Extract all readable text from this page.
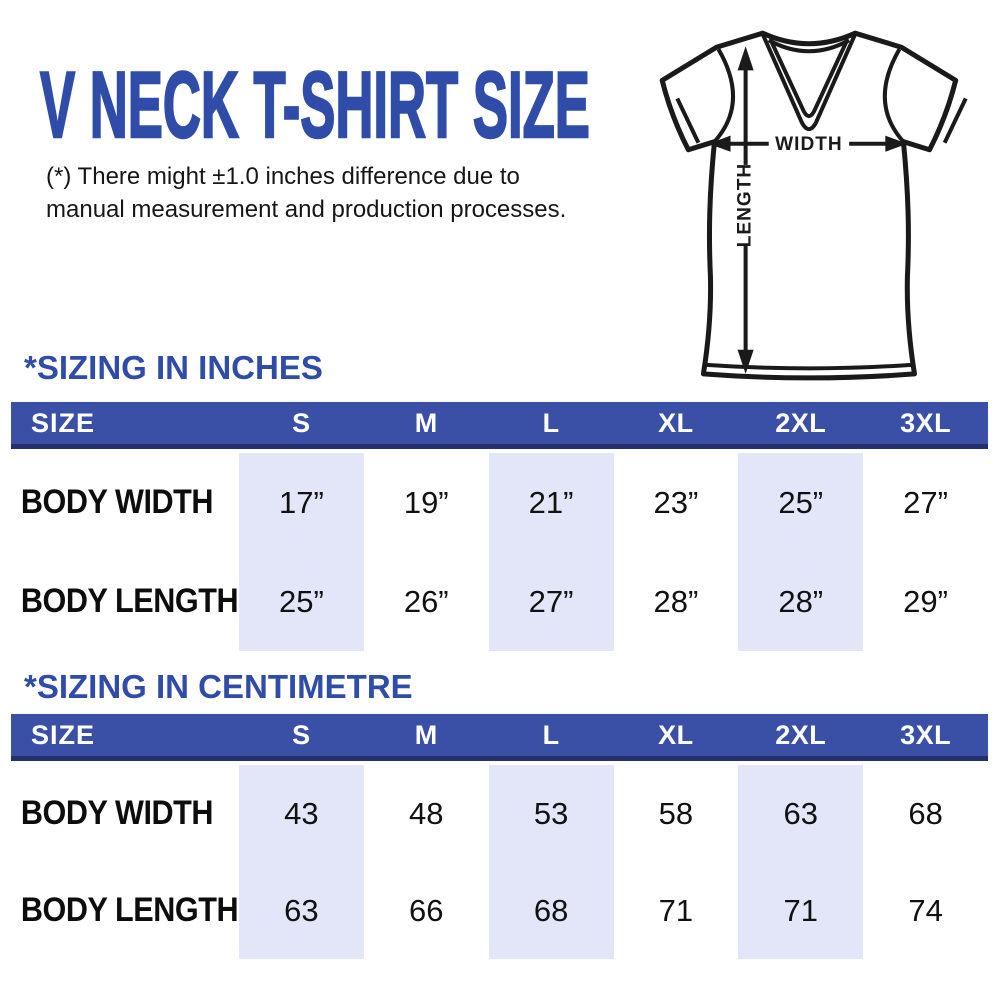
V NECK T-SHIRT SIZE
(*) There might ±1.0 inches difference due to
manual measurement and production processes.	LENGTH
WIDTH
*SIZING IN INCHES
SIZE	S	M	L	XL	2XL	3XL
BODY WIDTH	17”	19”	21”	23”	25”	27”
BODY LENGTH	25”	26”	27”	28”	28”	29”
*SIZING IN CENTIMETRE
SIZE	S	M	L	XL	2XL	3XL
BODY WIDTH	43	48	53	58	63	68
BODY LENGTH	63	66	68	71	71	74
